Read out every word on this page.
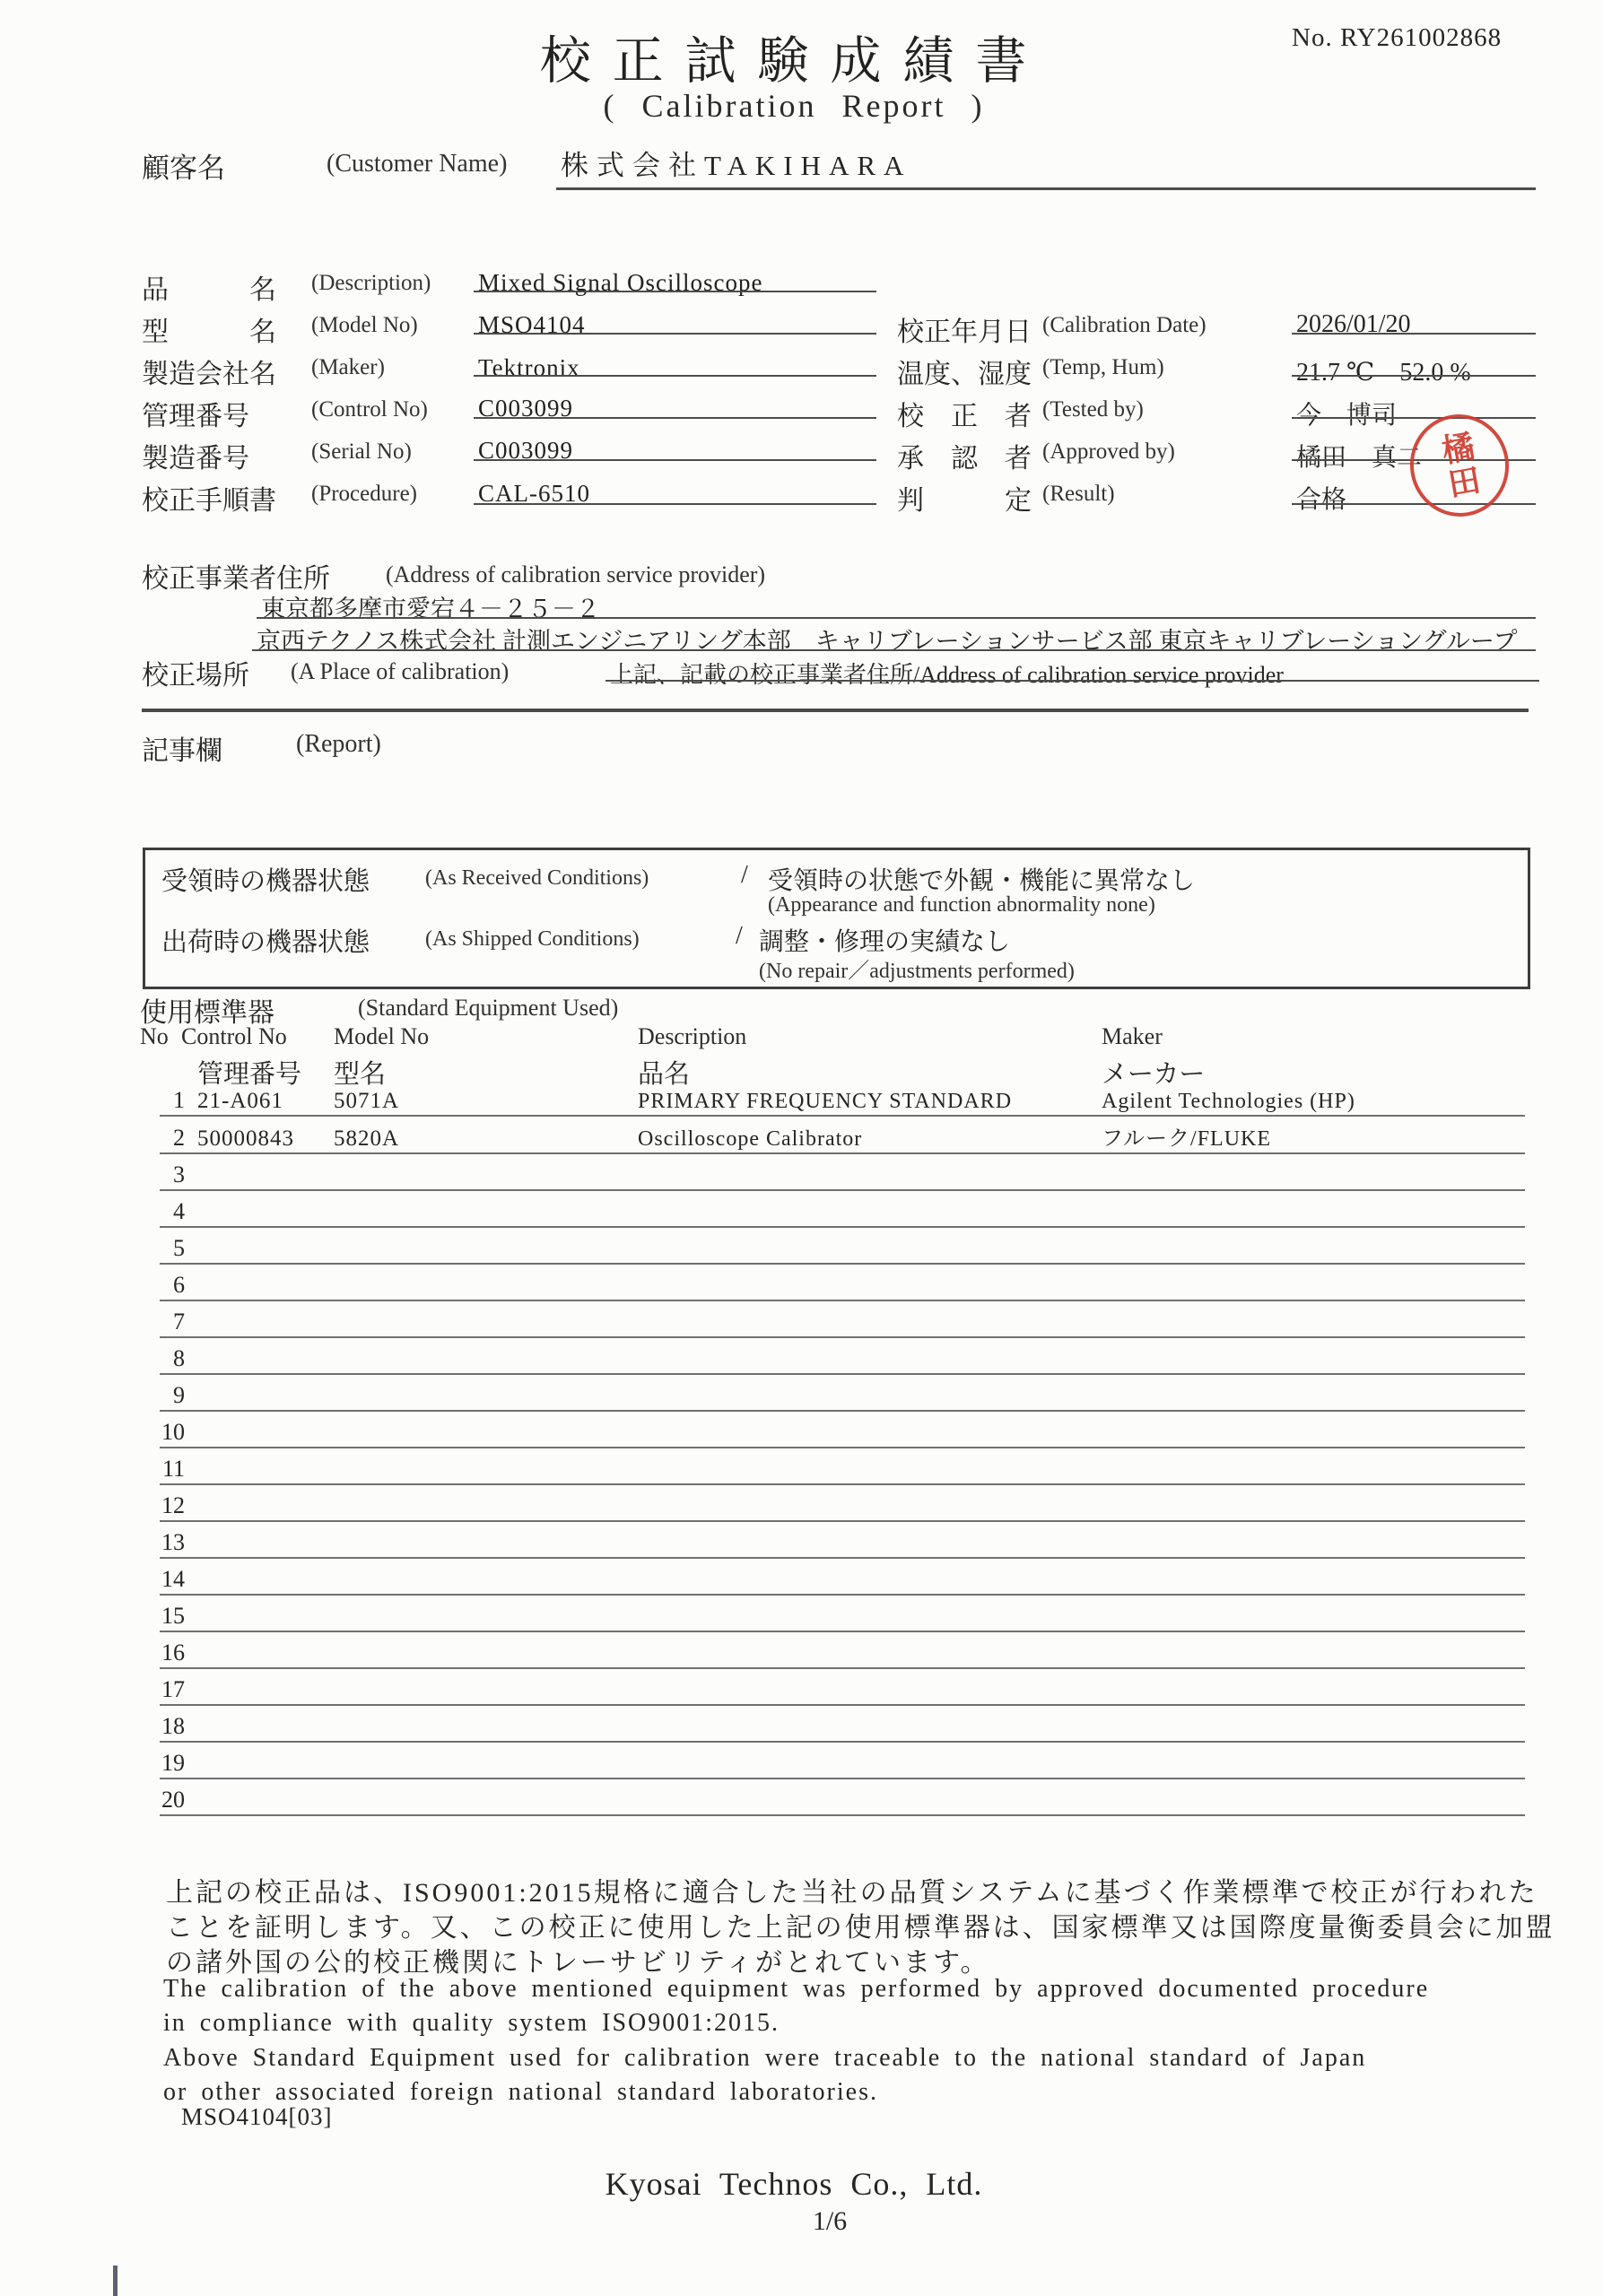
校正試験成績書
( Calibration Report )
No. RY261002868
顧客名	(Customer Name) 株式会社TAKIHARA
品　　　名 (Description) Mixed Signal Oscilloscope
型　　　名 (Model No) MSO4104
製造会社名 (Maker)	Tektronix
管理番号	(Control No) C003099
製造番号	(Serial No)	C003099
校正手順書 (Procedure)	CAL-6510
校正年月日 (Calibration Date)	2026/01/20
温度、湿度 (Temp, Hum)	21.7 ℃　52.0 %
校　正　者 (Tested by)	今　博司
承　認　者 (Approved by)	橘田　真二
判　　　定 (Result)	合格	橘田
校正事業者住所 (Address of calibration service provider)
東京都多摩市愛宕４－２５－２
京西テクノス株式会社 計測エンジニアリング本部　キャリブレーションサービス部 東京キャリブレーショングループ
校正場所 (A Place of calibration)	上記、記載の校正事業者住所/Address of calibration service provider
記事欄	(Report)
受領時の機器状態	(As Received Conditions)	/ 受領時の状態で外観・機能に異常なし
(Appearance and function abnormality none)
出荷時の機器状態	(As Shipped Conditions)	/ 調整・修理の実績なし
(No repair／adjustments performed)
使用標準器	(Standard Equipment Used)
No Control No Model No	Description	Maker
管理番号 型名	品名	メーカー
1 21-A061 5071A	PRIMARY FREQUENCY STANDARD	Agilent Technologies (HP)
2 50000843 5820A	Oscilloscope Calibrator	フルーク/FLUKE
3
4
5
6
7
8
9
10
11
12
13
14
15
16
17
18
19
20
上記の校正品は、ISO9001:2015規格に適合した当社の品質システムに基づく作業標準で校正が行われた
ことを証明します。又、この校正に使用した上記の使用標準器は、国家標準又は国際度量衡委員会に加盟
の諸外国の公的校正機関にトレーサビリティがとれています。
The calibration of the above mentioned equipment was performed by approved documented procedure
in compliance with quality system ISO9001:2015.
Above Standard Equipment used for calibration were traceable to the national standard of Japan
or other associated foreign national standard laboratories.
MSO4104[03]
Kyosai Technos Co., Ltd.
1/6
